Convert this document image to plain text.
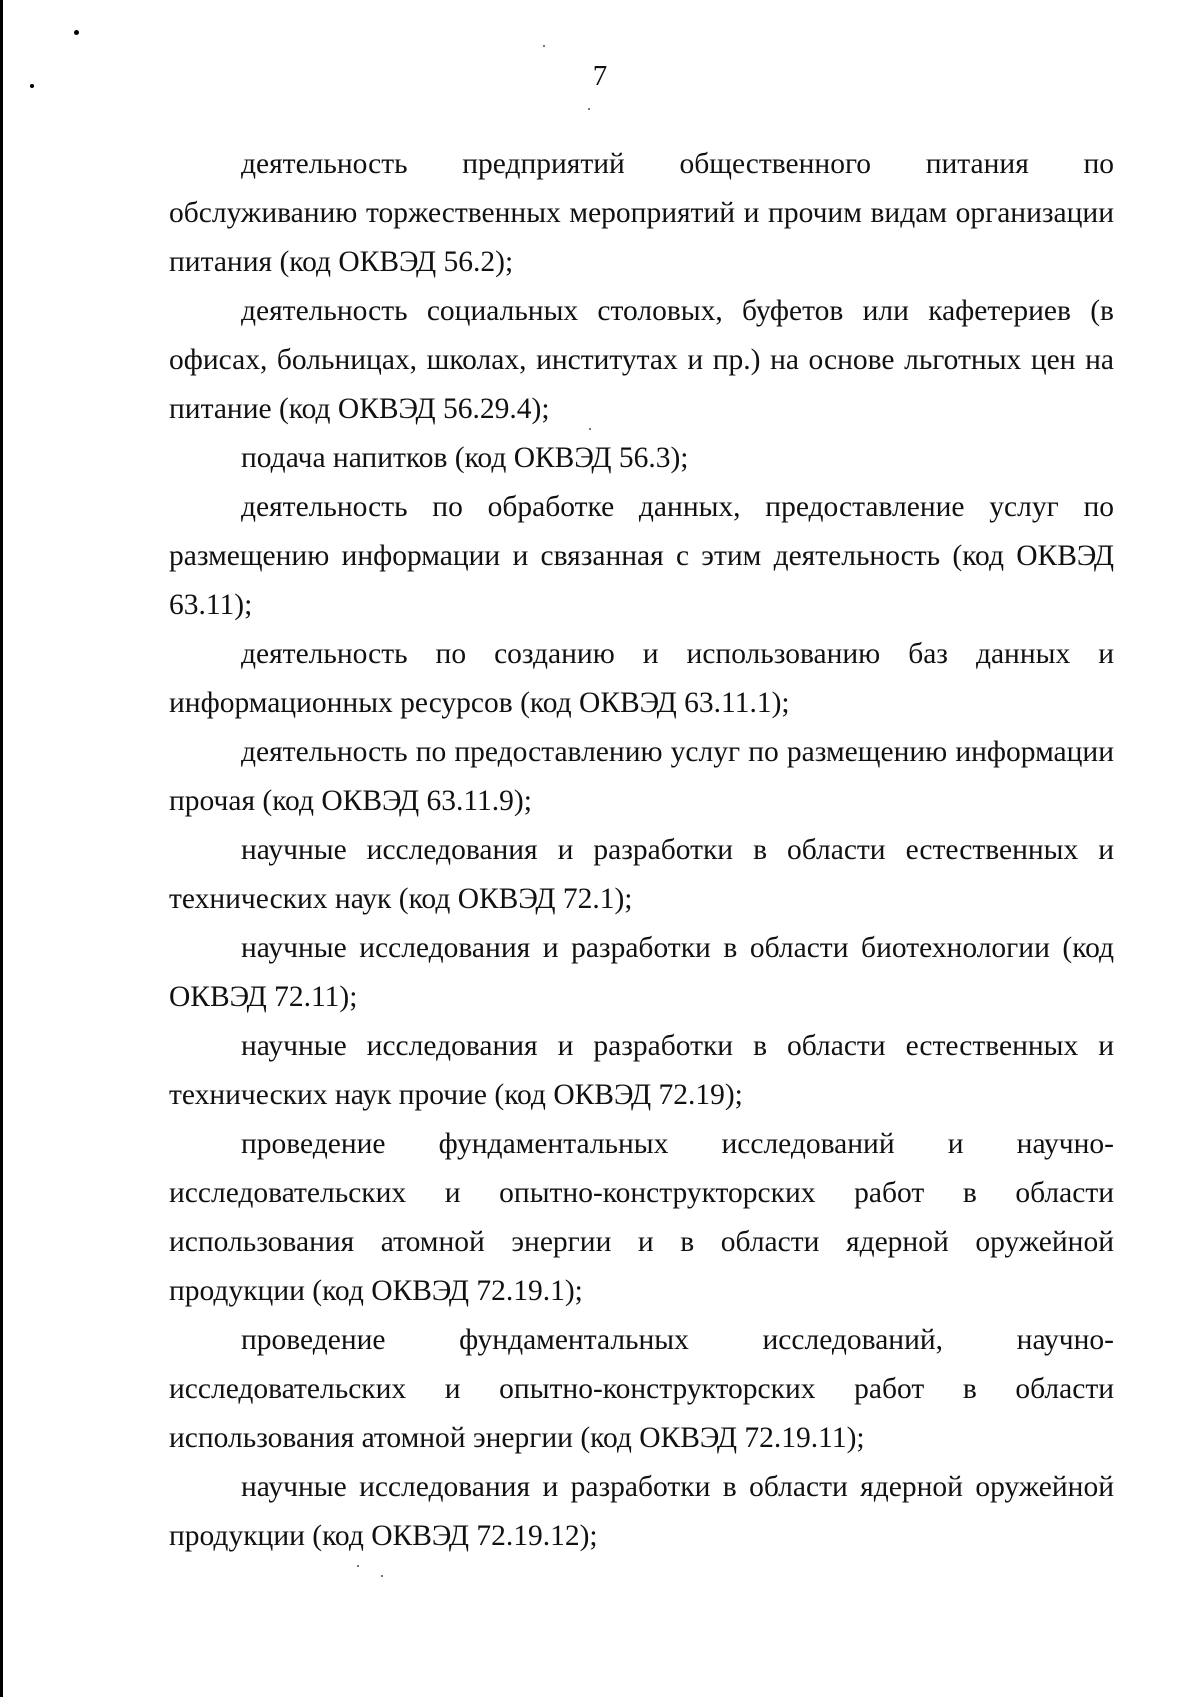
7

деятельность предприятий общественного питания по обслуживанию торжественных мероприятий и прочим видам организации питания (код ОКВЭД 56.2);

деятельность социальных столовых, буфетов или кафетериев (в офисах, больницах, школах, институтах и пр.) на основе льготных цен на питание (код ОКВЭД 56.29.4);

подача напитков (код ОКВЭД 56.3);

деятельность по обработке данных, предоставление услуг по размещению информации и связанная с этим деятельность (код ОКВЭД 63.11);

деятельность по созданию и использованию баз данных и информационных ресурсов (код ОКВЭД 63.11.1);

деятельность по предоставлению услуг по размещению информации прочая (код ОКВЭД 63.11.9);

научные исследования и разработки в области естественных и технических наук (код ОКВЭД 72.1);

научные исследования и разработки в области биотехнологии (код ОКВЭД 72.11);

научные исследования и разработки в области естественных и технических наук прочие (код ОКВЭД 72.19);

проведение фундаментальных исследований и научно-исследовательских и опытно-конструкторских работ в области использования атомной энергии и в области ядерной оружейной продукции (код ОКВЭД 72.19.1);

проведение фундаментальных исследований, научно-исследовательских и опытно-конструкторских работ в области использования атомной энергии (код ОКВЭД 72.19.11);

научные исследования и разработки в области ядерной оружейной продукции (код ОКВЭД 72.19.12);
